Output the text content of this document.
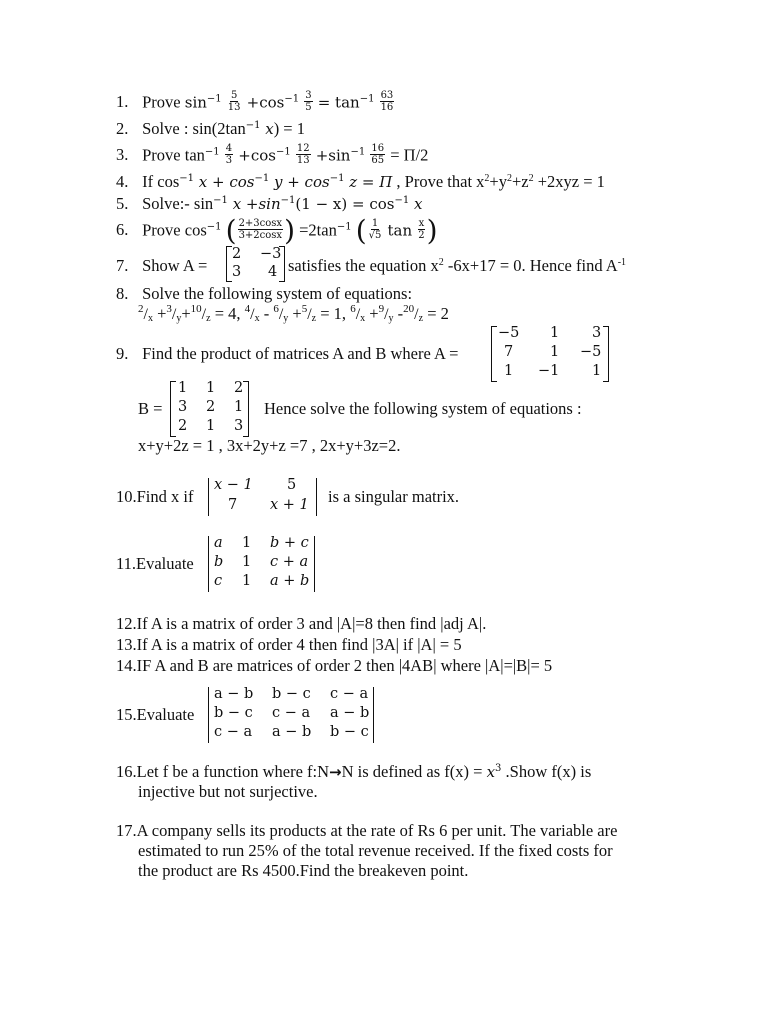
1. Prove $\sin^{-1} \frac{5}{13} +\cos^{-1} \frac{3}{5} = \tan^{-1} \frac{63}{16}$
2. Solve : $\sin(2\tan^{-1}$ x) = 1
3. Prove $\tan^{-1} \frac{4}{3} +\cos^{-1} \frac{12}{13} +\sin^{-1} \frac{16}{65} = \Pi/2$
4. If $\cos^{-1} x + \cos^{-1} y + \cos^{-1} z = \Pi$ , Prove that $x^2+y^2+z^2 +2xyz = 1$
5. Solve:- $\sin^{-1} x +\sin^{-1}(1 - x) = \cos^{-1} x$
6. Prove $\cos^{-1}$ ( $\frac{2+3\cos x}{3+2\cos x}$ ) $=2\tan^{-1}$ ( $\frac{1}{√5}$ $\tan \frac{x}{2}$ )
7. Show A =
2 −3
3 4 satisfies the equation $x^2$ -6x+17 = 0. Hence find $A^{-1}$
8. Solve the following system of equations:
$^2/_x +^3/_y+^{10}/_z = 4$, $^4/_x - ^6/_y +^5/_z = 1$, $^6/_x +^9/_y$ $-^{20}/_z = 2$
9. Find the product of matrices A and B where A =
−5 1 3
7	1 −5
1 −1 1
B =
1 1 2
3 2 1
2 1 3
Hence solve the following system of equations :
x+y+2z = 1 , 3x+2y+z =7 , 2x+y+3z=2.
10.Find x if
x − 1 5
7 x + 1 is a singular matrix.
11.Evaluate
a 1 b + c
b 1 c + a
c 1 a + b
12.If A is a matrix of order 3 and |A|=8 then find |adj A|.
13.If A is a matrix of order 4 then find |3A| if |A| = 5
14.IF A and B are matrices of order 2 then |4AB| where |A|=|B|= 5
15.Evaluate
a − b b − c c − a
b − c c − a a − b
c − a a − b b − c
16.Let f be a function where f:N→N is defined as $f(x) = x^3$ .Show f(x) is
injective but not surjective.
17.A company sells its products at the rate of Rs 6 per unit. The variable are
estimated to run 25% of the total revenue received. If the fixed costs for
the product are Rs 4500.Find the breakeven point.
